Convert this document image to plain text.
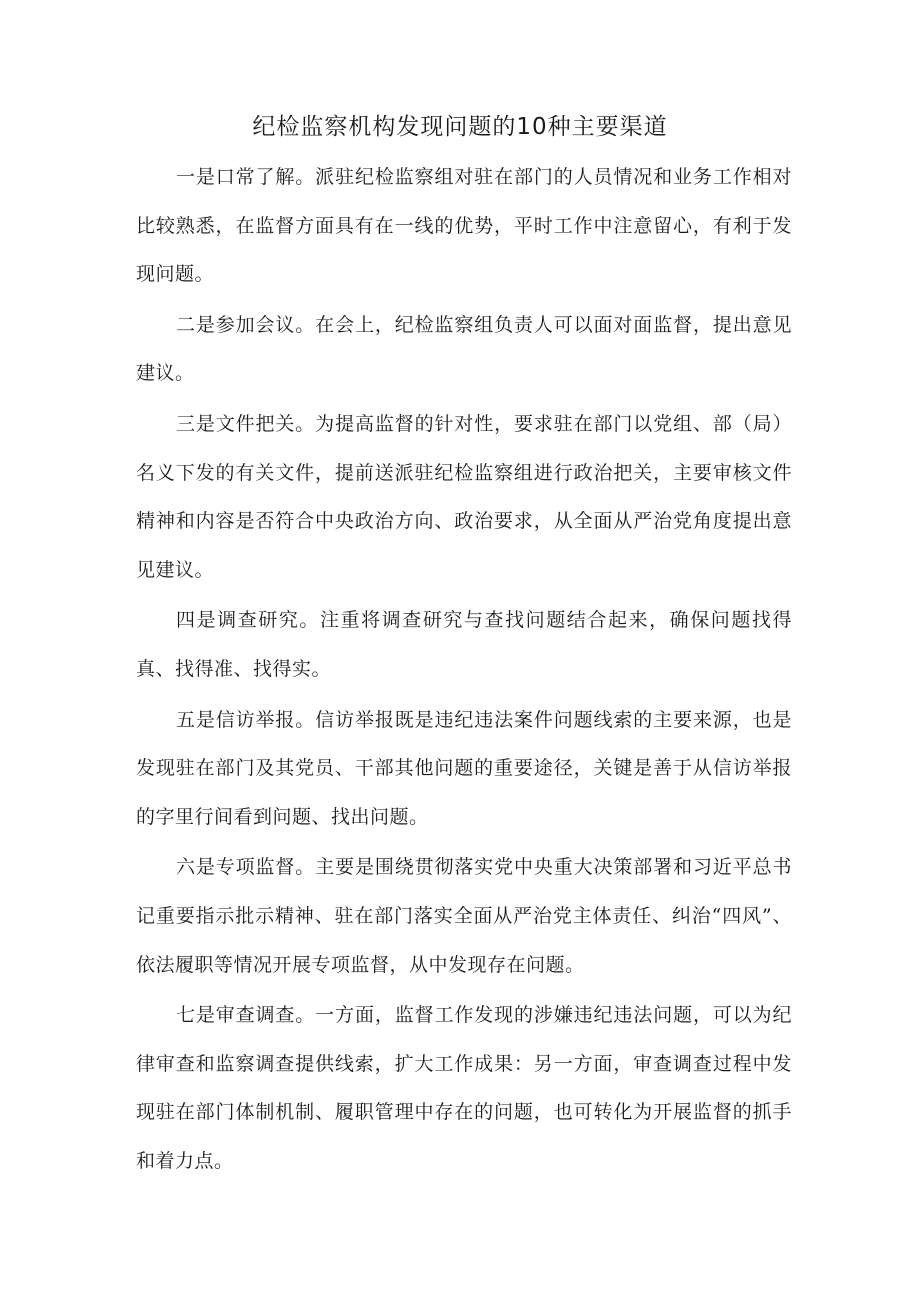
纪检监察机构发现问题的10种主要渠道

一是口常了解。派驻纪检监察组对驻在部门的人员情况和业务工作相对比较熟悉，在监督方面具有在一线的优势，平时工作中注意留心，有利于发现问题。

二是参加会议。在会上，纪检监察组负责人可以面对面监督，提出意见建议。

三是文件把关。为提高监督的针对性，要求驻在部门以党组、部（局）名义下发的有关文件，提前送派驻纪检监察组进行政治把关，主要审核文件精神和内容是否符合中央政治方向、政治要求，从全面从严治党角度提出意见建议。

四是调查研究。注重将调查研究与查找问题结合起来，确保问题找得真、找得准、找得实。

五是信访举报。信访举报既是违纪违法案件问题线索的主要来源，也是发现驻在部门及其党员、干部其他问题的重要途径，关键是善于从信访举报的字里行间看到问题、找出问题。

六是专项监督。主要是围绕贯彻落实党中央重大决策部署和习近平总书记重要指示批示精神、驻在部门落实全面从严治党主体责任、纠治“四风”、依法履职等情况开展专项监督，从中发现存在问题。

七是审查调查。一方面，监督工作发现的涉嫌违纪违法问题，可以为纪律审查和监察调查提供线索，扩大工作成果：另一方面，审查调查过程中发现驻在部门体制机制、履职管理中存在的问题，也可转化为开展监督的抓手和着力点。
